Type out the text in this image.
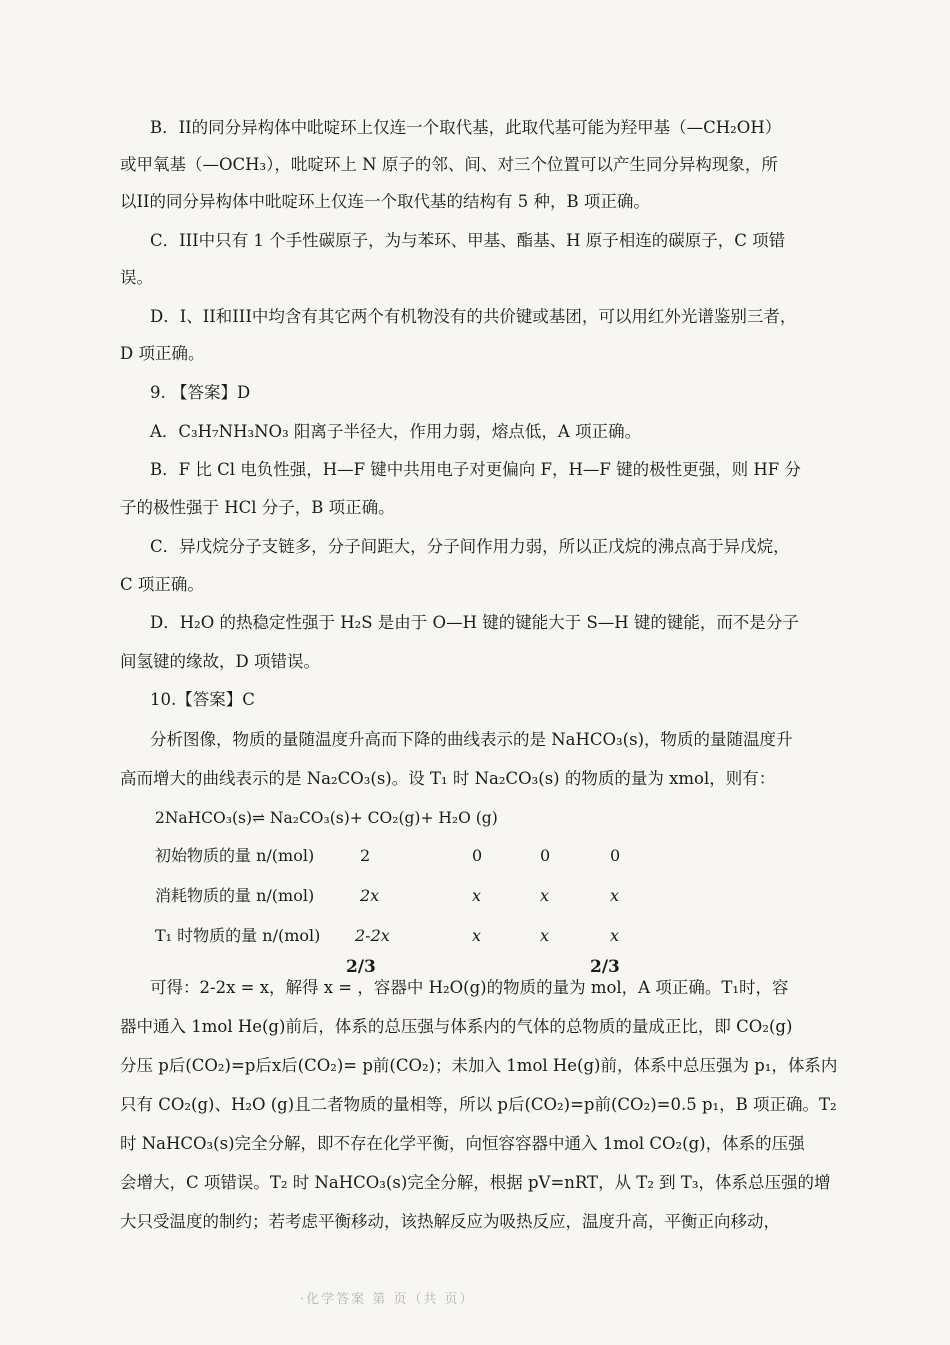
B．II的同分异构体中吡啶环上仅连一个取代基，此取代基可能为羟甲基（—CH₂OH）
或甲氧基（—OCH₃），吡啶环上 N 原子的邻、间、对三个位置可以产生同分异构现象，所
以II的同分异构体中吡啶环上仅连一个取代基的结构有 5 种，B 项正确。
C．III中只有 1 个手性碳原子，为与苯环、甲基、酯基、H 原子相连的碳原子，C 项错
误。
D．I、II和III中均含有其它两个有机物没有的共价键或基团，可以用红外光谱鉴别三者，
D 项正确。
9. 【答案】D
A．C₃H₇NH₃NO₃ 阳离子半径大，作用力弱，熔点低，A 项正确。
B．F 比 Cl 电负性强，H—F 键中共用电子对更偏向 F，H—F 键的极性更强，则 HF 分
子的极性强于 HCl 分子，B 项正确。
C．异戊烷分子支链多，分子间距大，分子间作用力弱，所以正戊烷的沸点高于异戊烷，
C 项正确。
D．H₂O 的热稳定性强于 H₂S 是由于 O—H 键的键能大于 S—H 键的键能，而不是分子
间氢键的缘故，D 项错误。
10.【答案】C
分析图像，物质的量随温度升高而下降的曲线表示的是 NaHCO₃(s)，物质的量随温度升
高而增大的曲线表示的是 Na₂CO₃(s)。设 T₁ 时 Na₂CO₃(s) 的物质的量为 xmol，则有：
2NaHCO₃(s)⇌ Na₂CO₃(s)+ CO₂(g)+ H₂O (g)
初始物质的量 n/(mol)	2	0	0	0
消耗物质的量 n/(mol)	2x	x	x	x
T₁ 时物质的量 n/(mol) 2-2x	x	x	x
2/3	2/3
可得：2-2x = x，解得 x = ，容器中 H₂O(g)的物质的量为 mol，A 项正确。T₁时，容
器中通入 1mol He(g)前后，体系的总压强与体系内的气体的总物质的量成正比，即 CO₂(g)
分压 p后(CO₂)=p后x后(CO₂)= p前(CO₂)；未加入 1mol He(g)前，体系中总压强为 p₁，体系内
只有 CO₂(g)、H₂O (g)且二者物质的量相等，所以 p后(CO₂)=p前(CO₂)=0.5 p₁，B 项正确。T₂
时 NaHCO₃(s)完全分解，即不存在化学平衡，向恒容容器中通入 1mol CO₂(g)，体系的压强
会增大，C 项错误。T₂ 时 NaHCO₃(s)完全分解，根据 pV=nRT，从 T₂ 到 T₃，体系总压强的增
大只受温度的制约；若考虑平衡移动，该热解反应为吸热反应，温度升高，平衡正向移动，
·化学答案 第 页（共 页）
